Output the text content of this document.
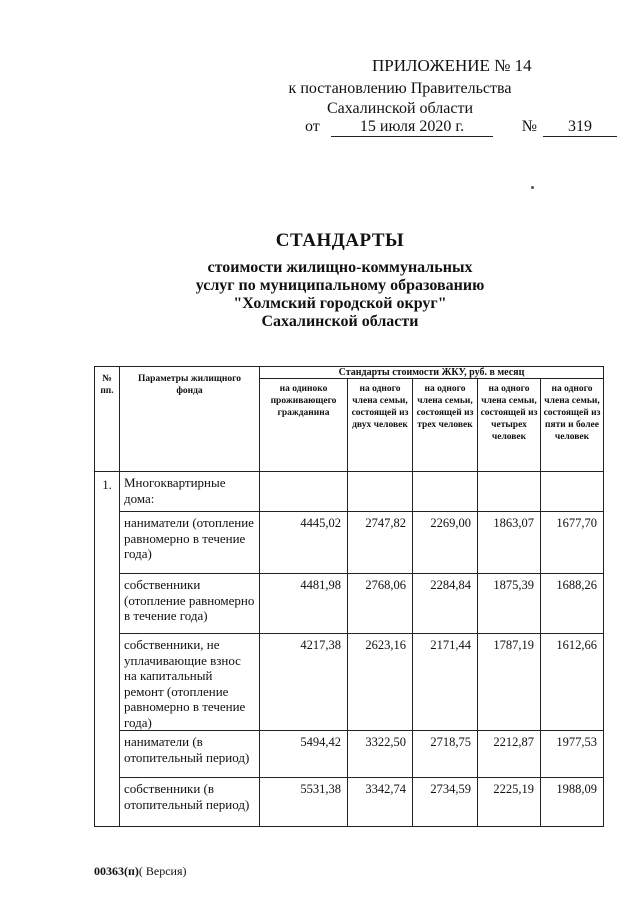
ПРИЛОЖЕНИЕ № 14
к постановлению Правительства
Сахалинской области
от	15 июля 2020 г.	№ 319
СТАНДАРТЫ
стоимости жилищно-коммунальных
услуг по муниципальному образованию
"Холмский городской округ"
Сахалинской области
№ пп.	Параметры жилищного фонда	Стандарты стоимости ЖКУ, руб. в месяц				
		на одиноко проживающего гражданина	на одного члена семьи, состоящей из двух человек	на одного члена семьи, состоящей из трех человек	на одного члена семьи, состоящей из четырех человек	на одного члена семьи, состоящей из пяти и более человек
1.	Многоквартирные дома:					
	наниматели (отопление равномерно в течение года)	4445,02	2747,82	2269,00	1863,07	1677,70
	собственники (отопление равномерно в течение года)	4481,98	2768,06	2284,84	1875,39	1688,26
	собственники, не уплачивающие взнос на капитальный ремонт (отопление равномерно в течение года)	4217,38	2623,16	2171,44	1787,19	1612,66
	наниматели (в отопительный период)	5494,42	3322,50	2718,75	2212,87	1977,53
	собственники (в отопительный период)	5531,38	3342,74	2734,59	2225,19	1988,09
00363(п)( Версия)
